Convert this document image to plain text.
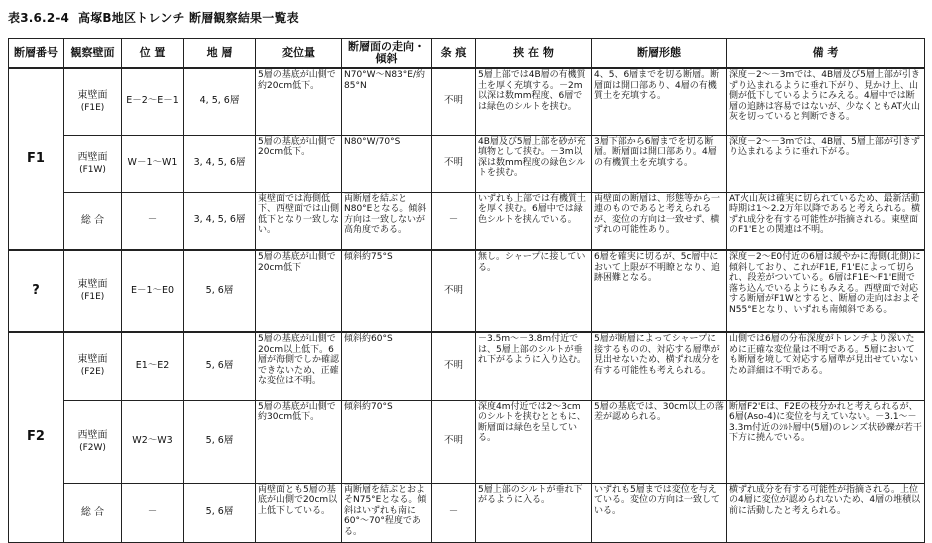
表3.6.2-4 高塚B地区トレンチ 断層観察結果一覧表
断層番号	観察壁面	位 置	地 層	変位量	断層面の走向・傾斜	条 痕	挟 在 物	断層形態	備 考
F1	東壁面
(F1E)	E－2～E－1	4, 5, 6層	5層の基底が山側で約20cm低下。	N70°W～N83°E/約85°N	不明	5層上部では4B層の有機質土を厚く充填する。－2m以深は数mm程度、6層では緑色のシルトを挟む。	4、5、6層までを切る断層。断層面は開口部あり、4層の有機質土を充填する。	深度－2～－3mでは、4B層及び5層上部が引きずり込まれるように垂れ下がり、見かけ上、山側が低下しているようにみえる。4層中では断層の追跡は容易ではないが、少なくともAT火山灰を切っていると判断できる。
	西壁面
(F1W)	W－1～W1	3, 4, 5, 6層	5層の基底が山側で20cm低下。	N80°W/70°S	不明	4B層及び5層上部を砂が充填物として挟む。－3m以深は数mm程度の緑色シルトを挟む。	3層下部から6層までを切る断層。断層面は開口部あり。4層の有機質土を充填する。	深度－2～－3mでは、4B層、5層上部が引きずり込まれるように垂れ下がる。
	総 合	－	3, 4, 5, 6層	東壁面では海側低下、西壁面では山側低下となり一致しない。	両断層を結ぶとN80°Eとなる。傾斜方向は一致しないが高角度である。	－	いずれも上部では有機質土を厚く挟む。6層中では緑色シルトを挟んでいる。	両壁面の断層は、形態等から一連のものであると考えられるが、変位の方向は一致せず、横ずれの可能性あり。	AT火山灰は確実に切られているため、最新活動時期は1～2.2万年以降であると考えられる。横ずれ成分を有する可能性が指摘される。東壁面のF1'Eとの関連は不明。
?	東壁面
(F1E)	E－1～E0	5, 6層	5層の基底が山側で20cm低下	傾斜約75°S	不明	無し。シャープに接している。	6層を確実に切るが、5c層中において上限が不明瞭となり、追跡困難となる。	深度－2～E0付近の6層は緩やかに海側(北側)に傾斜しており、これがF1E, F1'Eによって切られ、段差がついている。6層はF1E～F1'E間で落ち込んでいるようにもみえる。西壁面で対応する断層がF1Wとすると、断層の走向はおよそN55°Eとなり、いずれも南傾斜である。
F2	東壁面
(F2E)	E1～E2	5, 6層	5層の基底が山側で20cm以上低下。6層が海側でしか確認できないため、正確な変位は不明。	傾斜約60°S	不明	－3.5m～－3.8m付近では、5層上部のシルトが垂れ下がるように入り込む。	5層が断層によってシャープに接するものの、対応する層準が見出せないため、横ずれ成分を有する可能性も考えられる。	山側では6層の分布深度がトレンチより深いために正確な変位量は不明である。5層においても断層を境して対応する層準が見出せていないため詳細は不明である。
	西壁面
(F2W)	W2～W3	5, 6層	5層の基底が山側で約30cm低下。	傾斜約70°S	不明	深度4m付近では2～3cmのシルトを挟むとともに、断層面は緑色を呈している。	5層の基底では、30cm以上の落差が認められる。	断層F2'Eは、F2Eの枝分かれと考えられるが、6層(Aso-4)に変位を与えていない。－3.1～－3.3m付近のｼﾙﾄ層中(5層)のレンズ状砂礫が若干下方に撓んでいる。
	総 合	－	5, 6層	両壁面とも5層の基底が山側で20cm以上低下している。	両断層を結ぶとおよそN75°Eとなる。傾斜はいずれも南に60°～70°程度である。	－	5層上部のシルトが垂れ下がるように入る。	いずれも5層までは変位を与えている。変位の方向は一致している。	横ずれ成分を有する可能性が指摘される。上位の4層に変位が認められないため、4層の堆積以前に活動したと考えられる。
